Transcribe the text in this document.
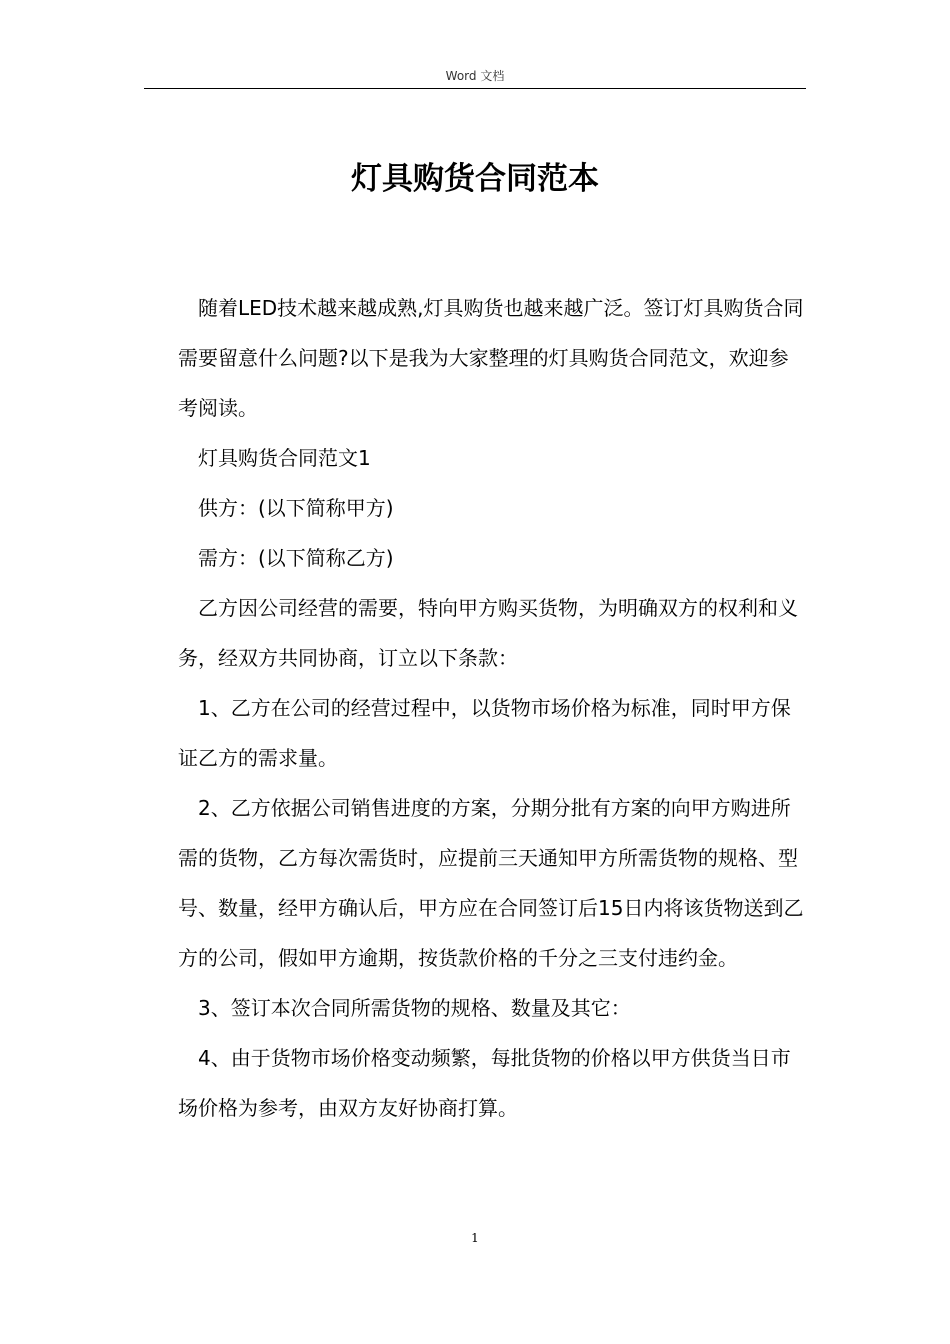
Word 文档
灯具购货合同范本

随着LED技术越来越成熟,灯具购货也越来越广泛。签订灯具购货合同需要留意什么问题?以下是我为大家整理的灯具购货合同范文，欢迎参考阅读。

灯具购货合同范文1

供方：(以下简称甲方)

需方：(以下简称乙方)

乙方因公司经营的需要，特向甲方购买货物，为明确双方的权利和义务，经双方共同协商，订立以下条款：

1、乙方在公司的经营过程中，以货物市场价格为标准，同时甲方保证乙方的需求量。

2、乙方依据公司销售进度的方案，分期分批有方案的向甲方购进所需的货物，乙方每次需货时，应提前三天通知甲方所需货物的规格、型号、数量，经甲方确认后，甲方应在合同签订后15日内将该货物送到乙方的公司，假如甲方逾期，按货款价格的千分之三支付违约金。

3、签订本次合同所需货物的规格、数量及其它：

4、由于货物市场价格变动频繁，每批货物的价格以甲方供货当日市场价格为参考，由双方友好协商打算。

1
